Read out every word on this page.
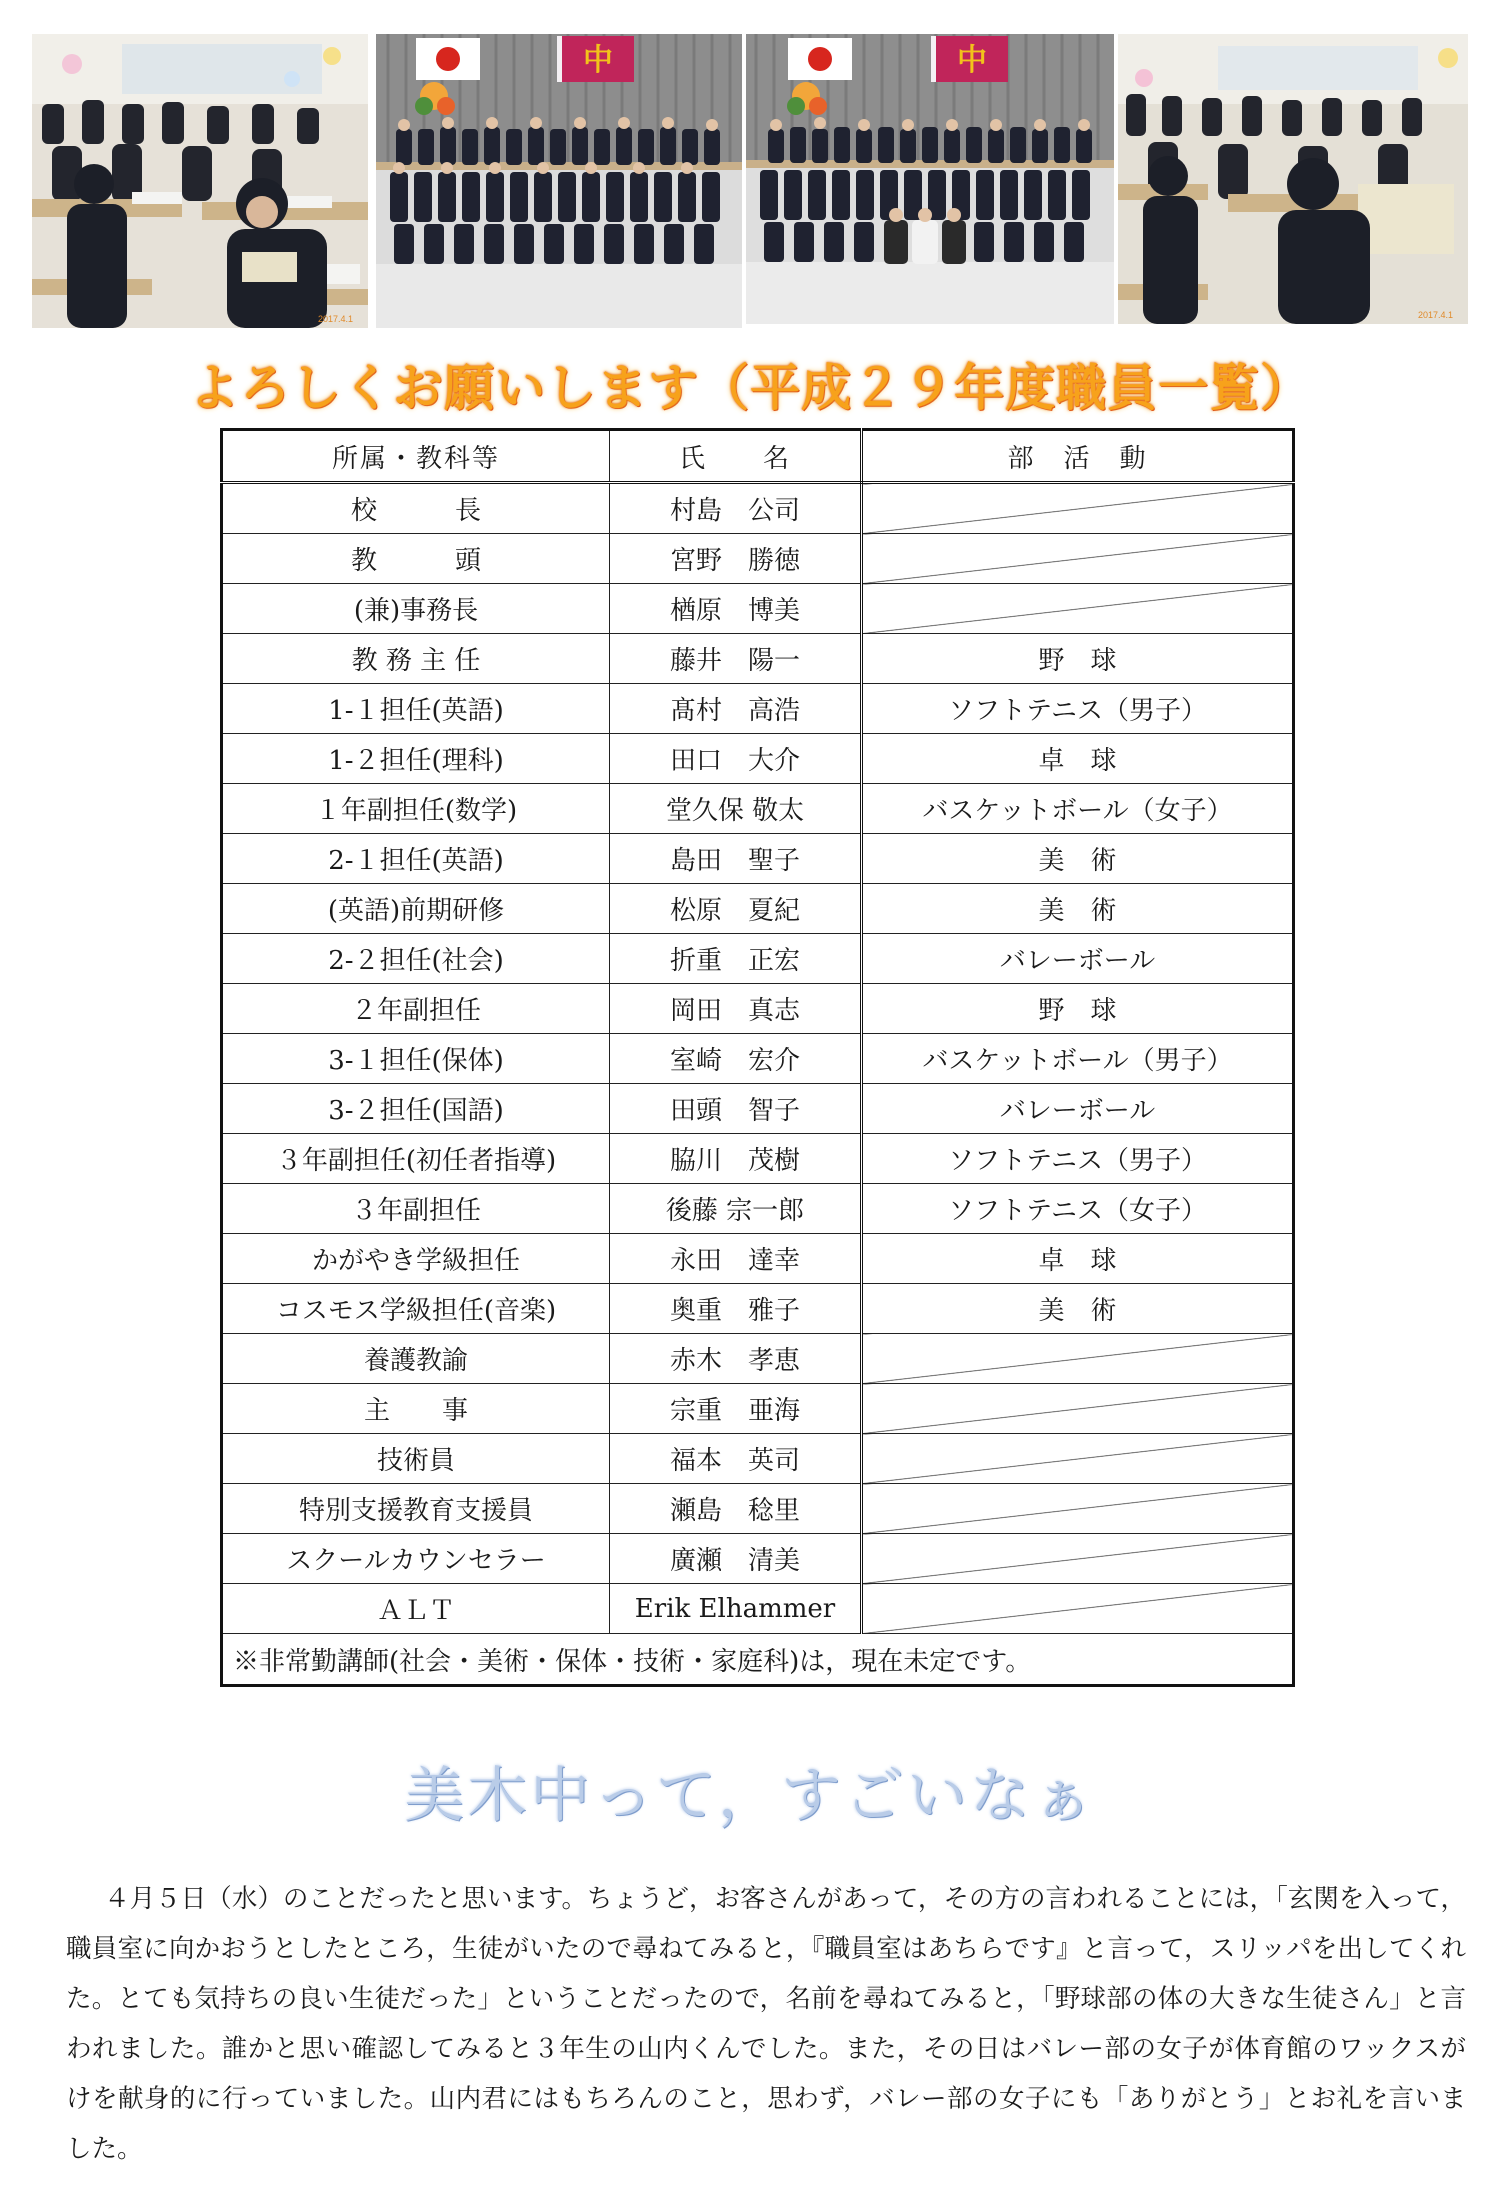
2017.4.1
中	中
2017.4.1
よろしくお願いします（平成２９年度職員一覧）
所属・教科等	氏　　名	部　活　動
校　　　長	村島　公司	
教　　　頭	宮野　勝徳	
(兼)事務長	楢原　博美	
教 務 主 任	藤井　陽一	野　球
1-１担任(英語)	髙村　高浩	ソフトテニス（男子）
1-２担任(理科)	田口　大介	卓　球
１年副担任(数学)	堂久保 敬太	バスケットボール（女子）
2-１担任(英語)	島田　聖子	美　術
(英語)前期研修	松原　夏紀	美　術
2-２担任(社会)	折重　正宏	バレーボール
２年副担任	岡田　真志	野　球
3-１担任(保体)	室崎　宏介	バスケットボール（男子）
3-２担任(国語)	田頭　智子	バレーボール
３年副担任(初任者指導)	脇川　茂樹	ソフトテニス（男子）
３年副担任	後藤 宗一郎	ソフトテニス（女子）
かがやき学級担任	永田　達幸	卓　球
コスモス学級担任(音楽)	奥重　雅子	美　術
養護教諭	赤木　孝恵	
主　　事	宗重　亜海	
技術員	福本　英司	
特別支援教育支援員	瀬島　稔里	
スクールカウンセラー	廣瀬　清美	
ＡＬＴ	Erik Elhammer	
※非常勤講師(社会・美術・保体・技術・家庭科)は，現在未定です。		
美木中って，すごいなぁ

４月５日（水）のことだったと思います。ちょうど，お客さんがあって，その方の言われることには，「玄関を入って，職員室に向かおうとしたところ，生徒がいたので尋ねてみると，『職員室はあちらです』と言って，スリッパを出してくれた。とても気持ちの良い生徒だった」ということだったので，名前を尋ねてみると，「野球部の体の大きな生徒さん」と言われました。誰かと思い確認してみると３年生の山内くんでした。また，その日はバレー部の女子が体育館のワックスがけを献身的に行っていました。山内君にはもちろんのこと，思わず，バレー部の女子にも「ありがとう」とお礼を言いました。
